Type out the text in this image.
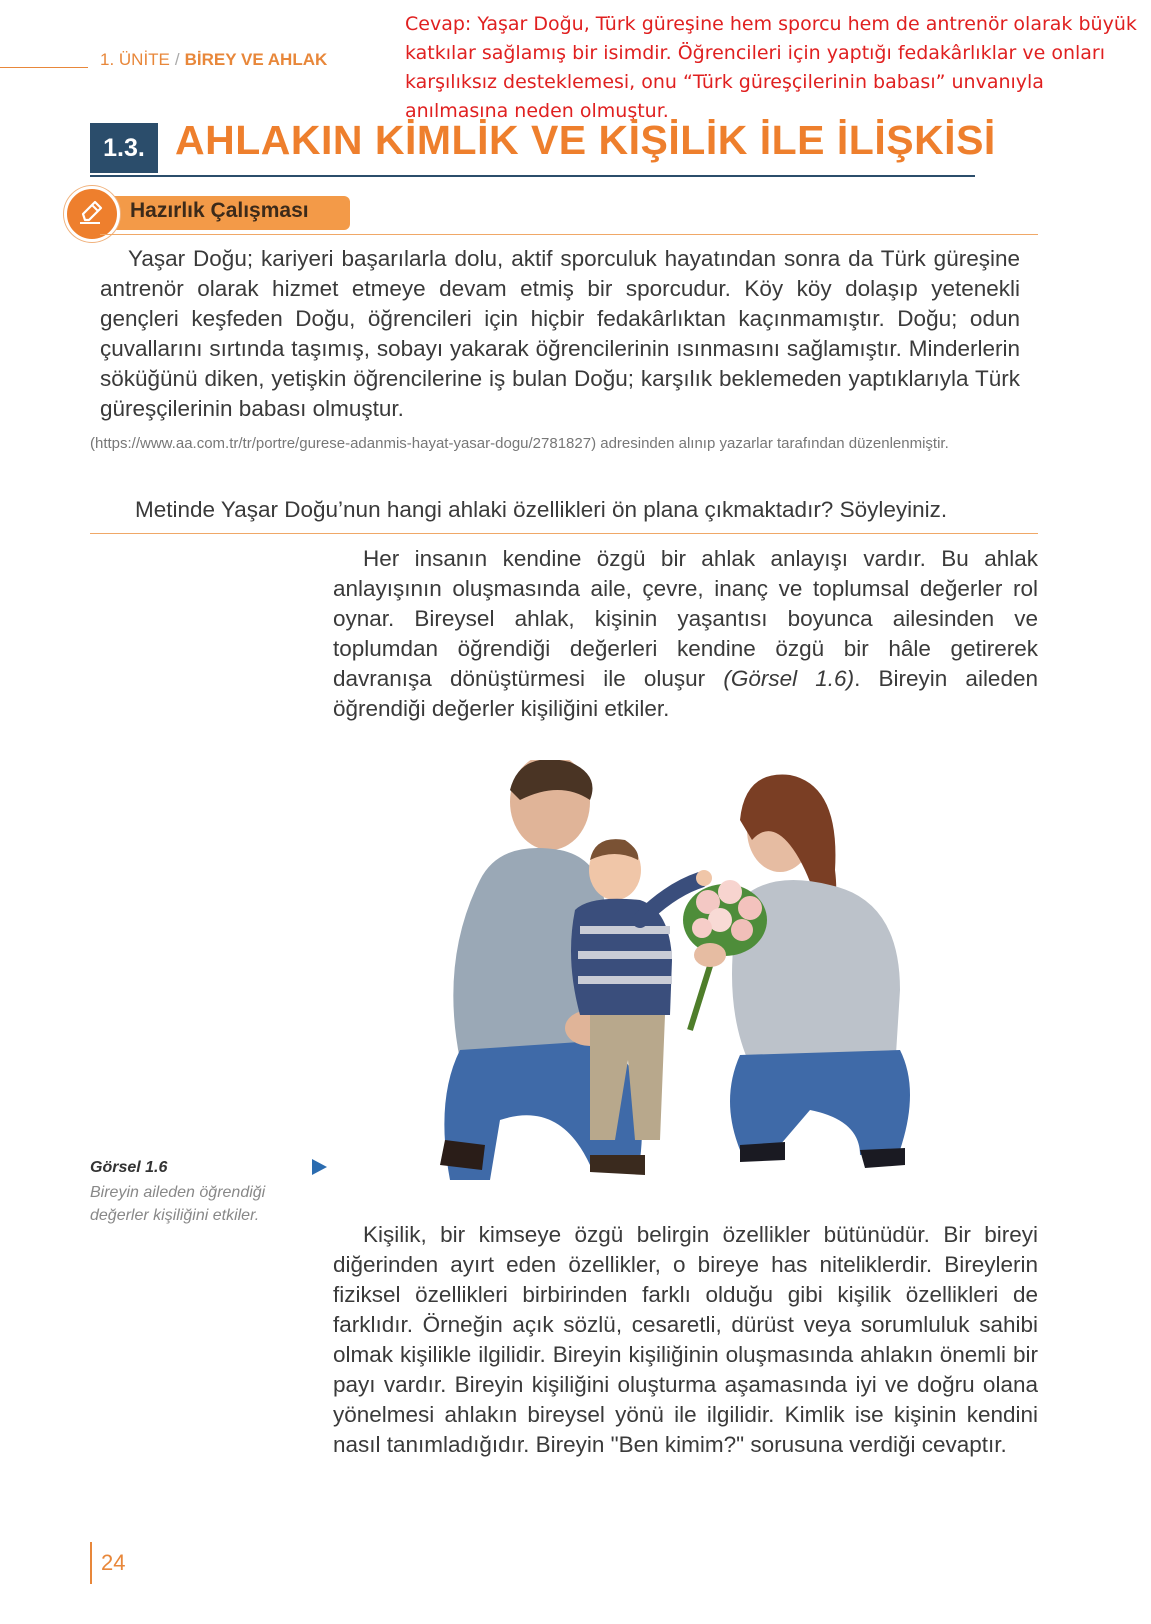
1. ÜNİTE / BİREY VE AHLAK
Cevap: Yaşar Doğu, Türk güreşine hem sporcu hem de antrenör olarak büyük katkılar sağlamış bir isimdir. Öğrencileri için yaptığı fedakârlıklar ve onları karşılıksız desteklemesi, onu “Türk güreşçilerinin babası” unvanıyla anılmasına neden olmuştur.
1.3. AHLAKIN KİMLİK VE KİŞİLİK İLE İLİŞKİSİ
Hazırlık Çalışması
Yaşar Doğu; kariyeri başarılarla dolu, aktif sporculuk hayatından sonra da Türk güreşine antrenör olarak hizmet etmeye devam etmiş bir sporcudur. Köy köy dolaşıp yetenekli gençleri keşfeden Doğu, öğrencileri için hiçbir fedakârlıktan kaçınmamıştır. Doğu; odun çuvallarını sırtında taşımış, sobayı yakarak öğrencilerinin ısınmasını sağlamıştır. Minderlerin söküğünü diken, yetişkin öğrencilerine iş bulan Doğu; karşılık beklemeden yaptıklarıyla Türk güreşçilerinin babası olmuştur.
(https://www.aa.com.tr/tr/portre/gurese-adanmis-hayat-yasar-dogu/2781827) adresinden alınıp yazarlar tarafından düzenlenmiştir.
Metinde Yaşar Doğu’nun hangi ahlaki özellikleri ön plana çıkmaktadır? Söyleyiniz.
Her insanın kendine özgü bir ahlak anlayışı vardır. Bu ahlak anlayışının oluşmasında aile, çevre, inanç ve toplumsal değerler rol oynar. Bireysel ahlak, kişinin yaşantısı boyunca ailesinden ve toplumdan öğrendiği değerleri kendine özgü bir hâle getirerek davranışa dönüştürmesi ile oluşur (Görsel 1.6). Bireyin aileden öğrendiği değerler kişiliğini etkiler.
Görsel 1.6
Bireyin aileden öğrendiği değerler kişiliğini etkiler.
Kişilik, bir kimseye özgü belirgin özellikler bütünüdür. Bir bireyi diğerinden ayırt eden özellikler, o bireye has niteliklerdir. Bireylerin fiziksel özellikleri birbirinden farklı olduğu gibi kişilik özellikleri de farklıdır. Örneğin açık sözlü, cesaretli, dürüst veya sorumluluk sahibi olmak kişilikle ilgilidir. Bireyin kişiliğinin oluşmasında ahlakın önemli bir payı vardır. Bireyin kişiliğini oluşturma aşamasında iyi ve doğru olana yönelmesi ahlakın bireysel yönü ile ilgilidir. Kimlik ise kişinin kendini nasıl tanımladığıdır. Bireyin "Ben kimim?" sorusuna verdiği cevaptır.
24
